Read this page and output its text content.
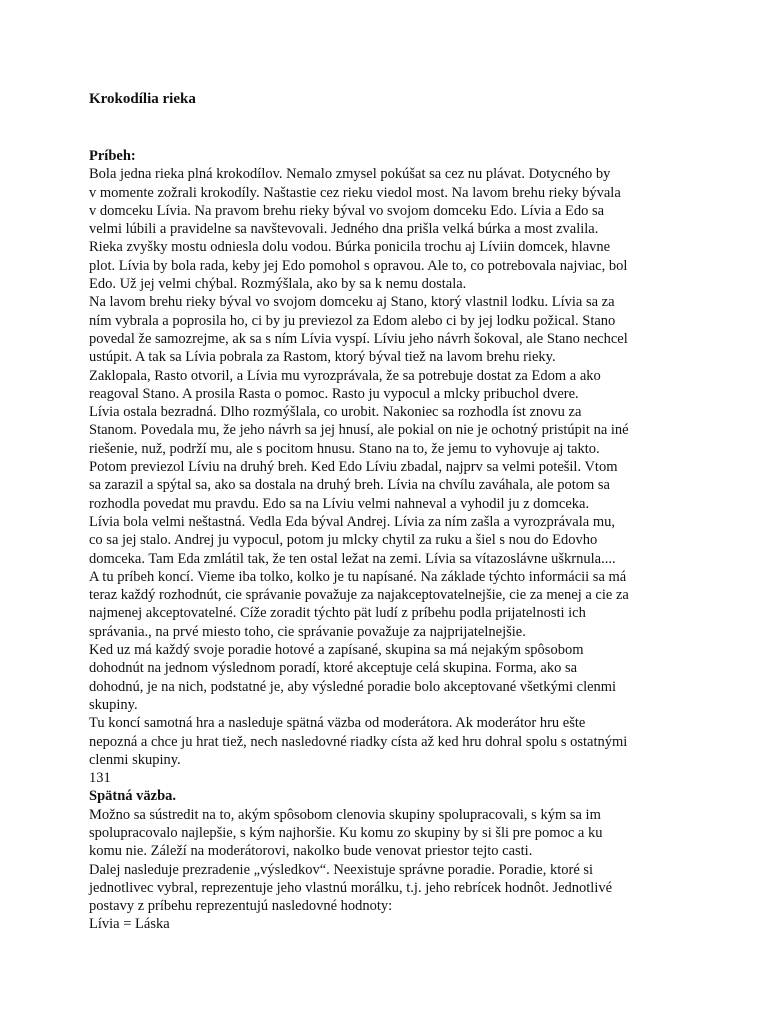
Krokodília rieka
Príbeh:
Bola jedna rieka plná krokodílov. Nemalo zmysel pokúšat sa cez nu plávat. Dotycného by
v momente zožrali krokodíly. Naštastie cez rieku viedol most. Na lavom brehu rieky bývala
v domceku Lívia. Na pravom brehu rieky býval vo svojom domceku Edo. Lívia a Edo sa
velmi lúbili a pravidelne sa navštevovali. Jedného dna prišla velká búrka a most zvalila.
Rieka zvyšky mostu odniesla dolu vodou. Búrka ponicila trochu aj Líviin domcek, hlavne
plot. Lívia by bola rada, keby jej Edo pomohol s opravou. Ale to, co potrebovala najviac, bol
Edo. Už jej velmi chýbal. Rozmýšlala, ako by sa k nemu dostala.
Na lavom brehu rieky býval vo svojom domceku aj Stano, ktorý vlastnil lodku. Lívia sa za
ním vybrala a poprosila ho, ci by ju previezol za Edom alebo ci by jej lodku požical. Stano
povedal že samozrejme, ak sa s ním Lívia vyspí. Líviu jeho návrh šokoval, ale Stano nechcel
ustúpit. A tak sa Lívia pobrala za Rastom, ktorý býval tiež na lavom brehu rieky.
Zaklopala, Rasto otvoril, a Lívia mu vyrozprávala, že sa potrebuje dostat za Edom a ako
reagoval Stano. A prosila Rasta o pomoc. Rasto ju vypocul a mlcky pribuchol dvere.
Lívia ostala bezradná. Dlho rozmýšlala, co urobit. Nakoniec sa rozhodla íst znovu za
Stanom. Povedala mu, že jeho návrh sa jej hnusí, ale pokial on nie je ochotný pristúpit na iné
riešenie, nuž, podrží mu, ale s pocitom hnusu. Stano na to, že jemu to vyhovuje aj takto.
Potom previezol Líviu na druhý breh. Ked Edo Líviu zbadal, najprv sa velmi potešil. Vtom
sa zarazil a spýtal sa, ako sa dostala na druhý breh. Lívia na chvílu zaváhala, ale potom sa
rozhodla povedat mu pravdu. Edo sa na Líviu velmi nahneval a vyhodil ju z domceka.
Lívia bola velmi neštastná. Vedla Eda býval Andrej. Lívia za ním zašla a vyrozprávala mu,
co sa jej stalo. Andrej ju vypocul, potom ju mlcky chytil za ruku a šiel s nou do Edovho
domceka. Tam Eda zmlátil tak, že ten ostal ležat na zemi. Lívia sa vítazoslávne uškrnula....
A tu príbeh koncí. Vieme iba tolko, kolko je tu napísané. Na základe týchto informácii sa má
teraz každý rozhodnút, cie správanie považuje za najakceptovatelnejšie, cie za menej a cie za
najmenej akceptovatelné. Cíže zoradit týchto pät ludí z príbehu podla prijatelnosti ich
správania., na prvé miesto toho, cie správanie považuje za najprijatelnejšie.
Ked uz má každý svoje poradie hotové a zapísané, skupina sa má nejakým spôsobom
dohodnút na jednom výslednom poradí, ktoré akceptuje celá skupina. Forma, ako sa
dohodnú, je na nich, podstatné je, aby výsledné poradie bolo akceptované všetkými clenmi
skupiny.
Tu koncí samotná hra a nasleduje spätná väzba od moderátora. Ak moderátor hru ešte
nepozná a chce ju hrat tiež, nech nasledovné riadky císta až ked hru dohral spolu s ostatnými
clenmi skupiny.
131
Spätná väzba.
Možno sa sústredit na to, akým spôsobom clenovia skupiny spolupracovali, s kým sa im
spolupracovalo najlepšie, s kým najhoršie. Ku komu zo skupiny by si šli pre pomoc a ku
komu nie. Záleží na moderátorovi, nakolko bude venovat priestor tejto casti.
Dalej nasleduje prezradenie „výsledkov“. Neexistuje správne poradie. Poradie, ktoré si
jednotlivec vybral, reprezentuje jeho vlastnú morálku, t.j. jeho rebrícek hodnôt. Jednotlivé
postavy z príbehu reprezentujú nasledovné hodnoty:
Lívia = Láska
